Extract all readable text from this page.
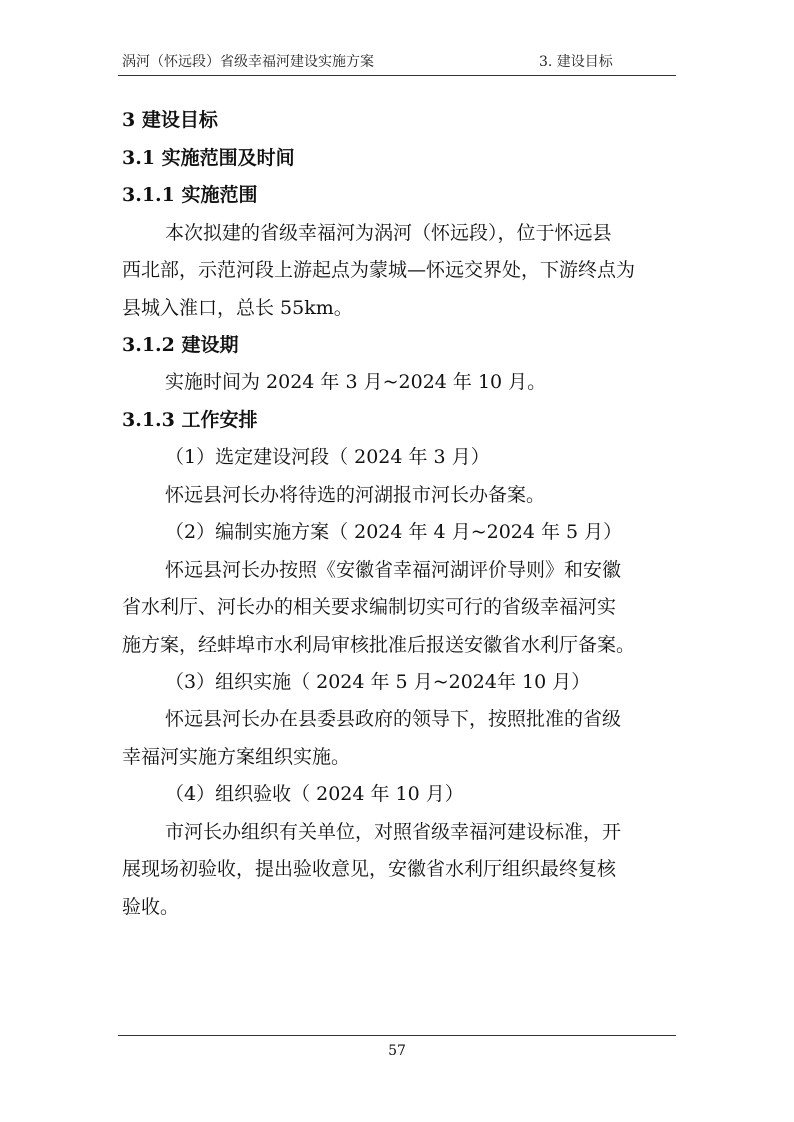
涡河（怀远段）省级幸福河建设实施方案	3. 建设目标
3 建设目标
3.1 实施范围及时间
3.1.1 实施范围
本次拟建的省级幸福河为涡河（怀远段），位于怀远县
西北部，示范河段上游起点为蒙城—怀远交界处，下游终点为
县城入淮口，总长 55km。
3.1.2 建设期
实施时间为 2024 年 3 月~2024 年 10 月。
3.1.3 工作安排
（1）选定建设河段（ 2024 年 3 月）
怀远县河长办将待选的河湖报市河长办备案。
（2）编制实施方案（ 2024 年 4 月~2024 年 5 月）
怀远县河长办按照《安徽省幸福河湖评价导则》和安徽
省水利厅、河长办的相关要求编制切实可行的省级幸福河实
施方案，经蚌埠市水利局审核批准后报送安徽省水利厅备案。
（3）组织实施（ 2024 年 5 月~2024年 10 月）
怀远县河长办在县委县政府的领导下，按照批准的省级
幸福河实施方案组织实施。
（4）组织验收（ 2024 年 10 月）
市河长办组织有关单位，对照省级幸福河建设标准，开
展现场初验收，提出验收意见，安徽省水利厅组织最终复核
验收。
57
